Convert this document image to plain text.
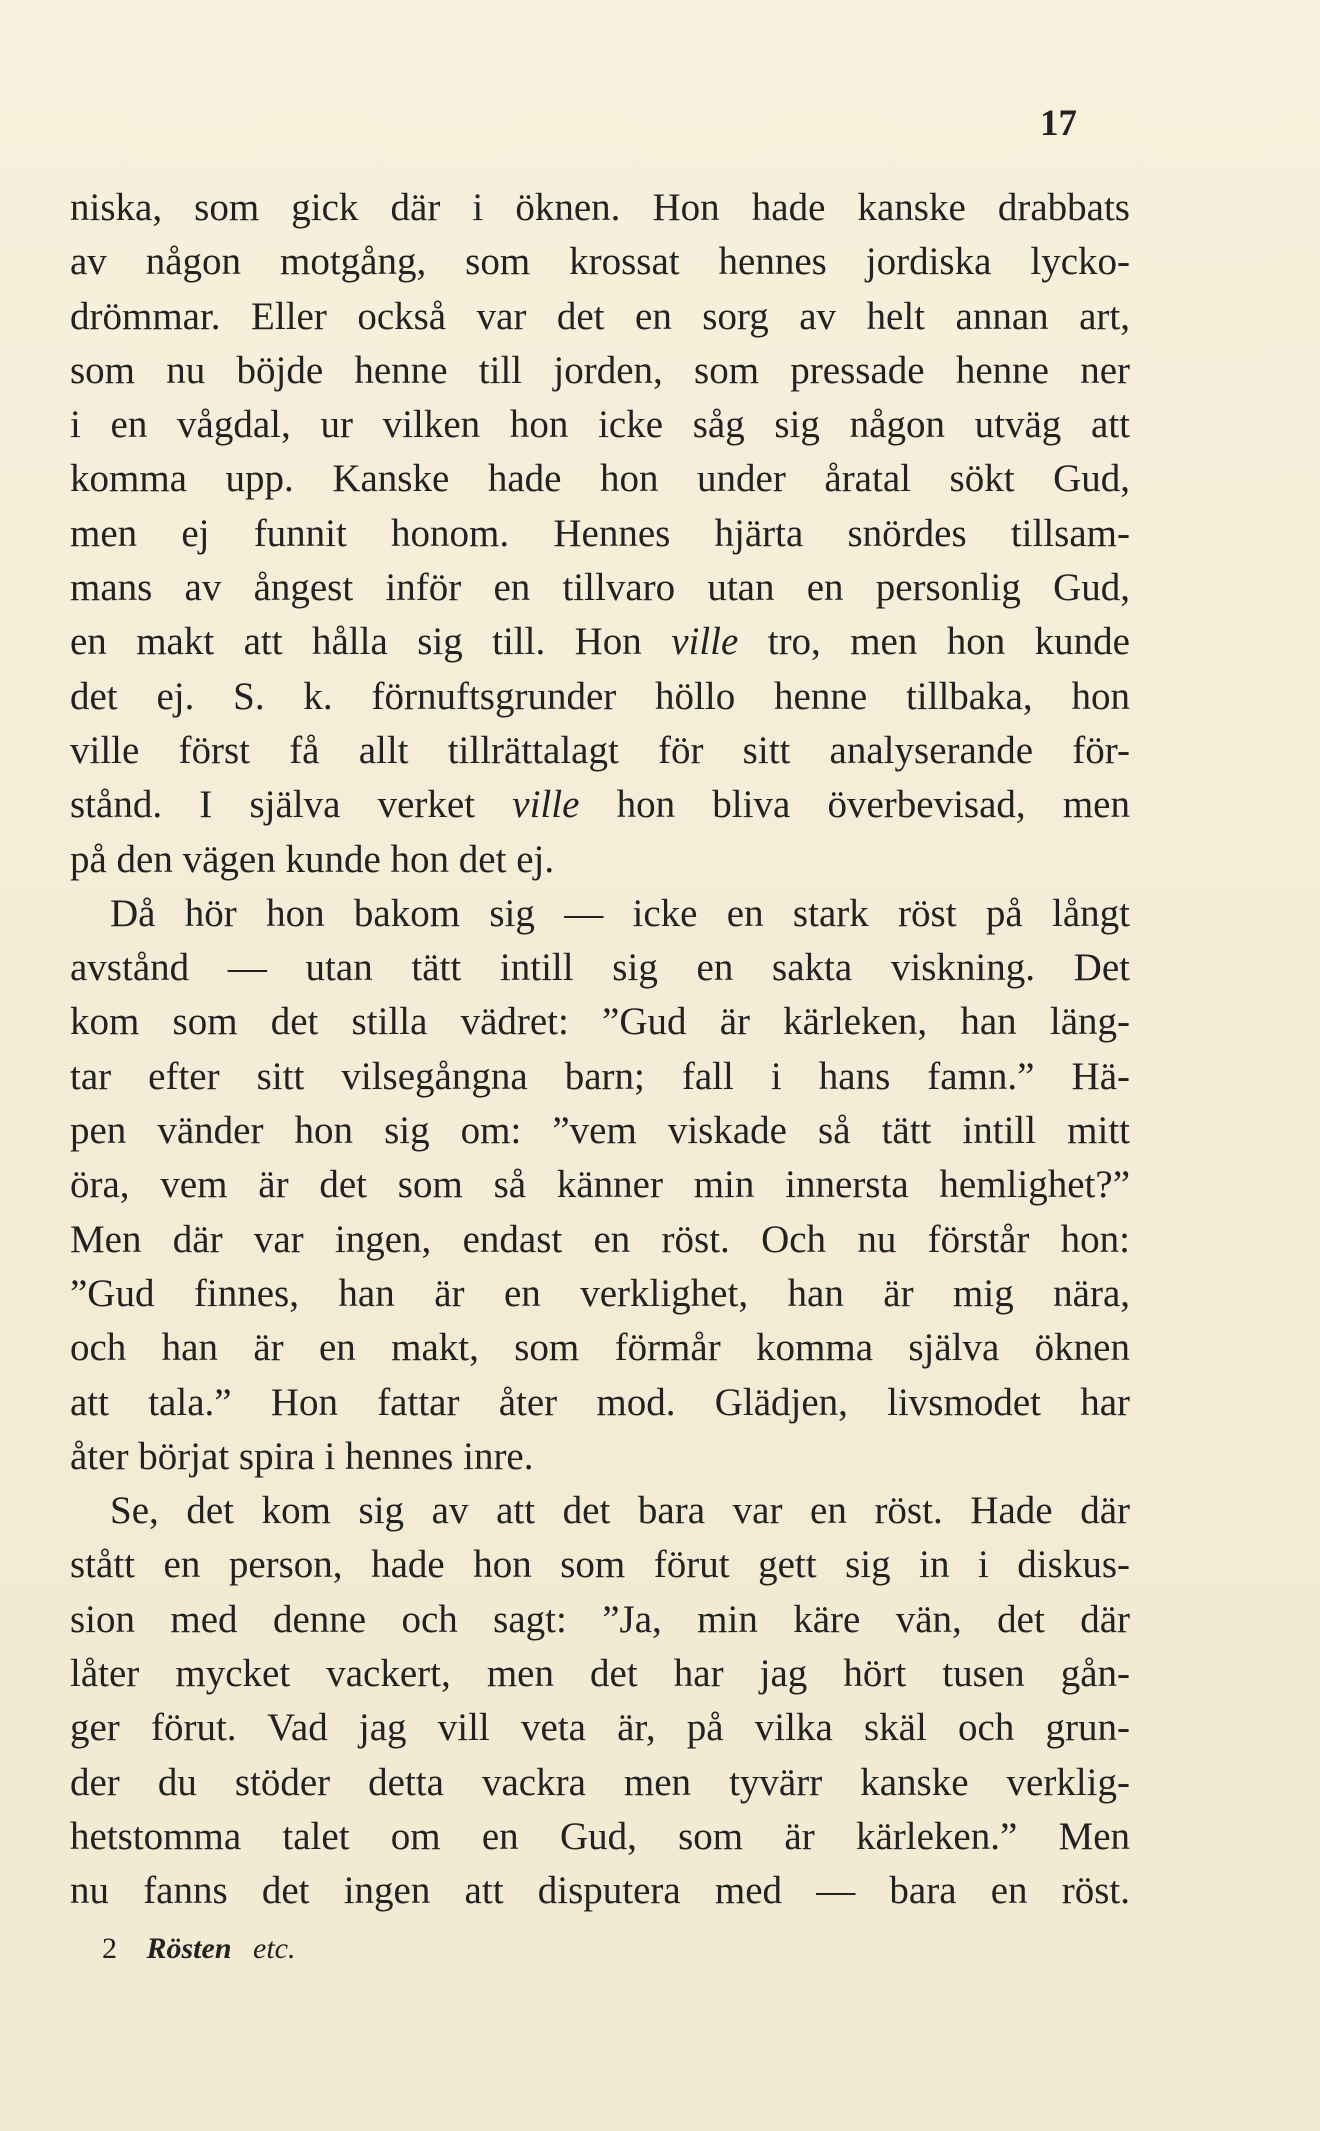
17
niska, som gick där i öknen. Hon hade kanske drabbats
av någon motgång, som krossat hennes jordiska lycko-
drömmar. Eller också var det en sorg av helt annan art,
som nu böjde henne till jorden, som pressade henne ner
i en vågdal, ur vilken hon icke såg sig någon utväg att
komma upp. Kanske hade hon under åratal sökt Gud,
men ej funnit honom. Hennes hjärta snördes tillsam-
mans av ångest inför en tillvaro utan en personlig Gud,
en makt att hålla sig till. Hon ville tro, men hon kunde
det ej. S. k. förnuftsgrunder höllo henne tillbaka, hon
ville först få allt tillrättalagt för sitt analyserande för-
stånd. I själva verket ville hon bliva överbevisad, men
på den vägen kunde hon det ej.
Då hör hon bakom sig — icke en stark röst på långt
avstånd — utan tätt intill sig en sakta viskning. Det
kom som det stilla vädret: ”Gud är kärleken, han läng-
tar efter sitt vilsegångna barn; fall i hans famn.” Hä-
pen vänder hon sig om: ”vem viskade så tätt intill mitt
öra, vem är det som så känner min innersta hemlighet?”
Men där var ingen, endast en röst. Och nu förstår hon:
”Gud finnes, han är en verklighet, han är mig nära,
och han är en makt, som förmår komma själva öknen
att tala.” Hon fattar åter mod. Glädjen, livsmodet har
åter börjat spira i hennes inre.
Se, det kom sig av att det bara var en röst. Hade där
stått en person, hade hon som förut gett sig in i diskus-
sion med denne och sagt: ”Ja, min käre vän, det där
låter mycket vackert, men det har jag hört tusen gån-
ger förut. Vad jag vill veta är, på vilka skäl och grun-
der du stöder detta vackra men tyvärr kanske verklig-
hetstomma talet om en Gud, som är kärleken.” Men
nu fanns det ingen att disputera med — bara en röst.
2 Rösten etc.
